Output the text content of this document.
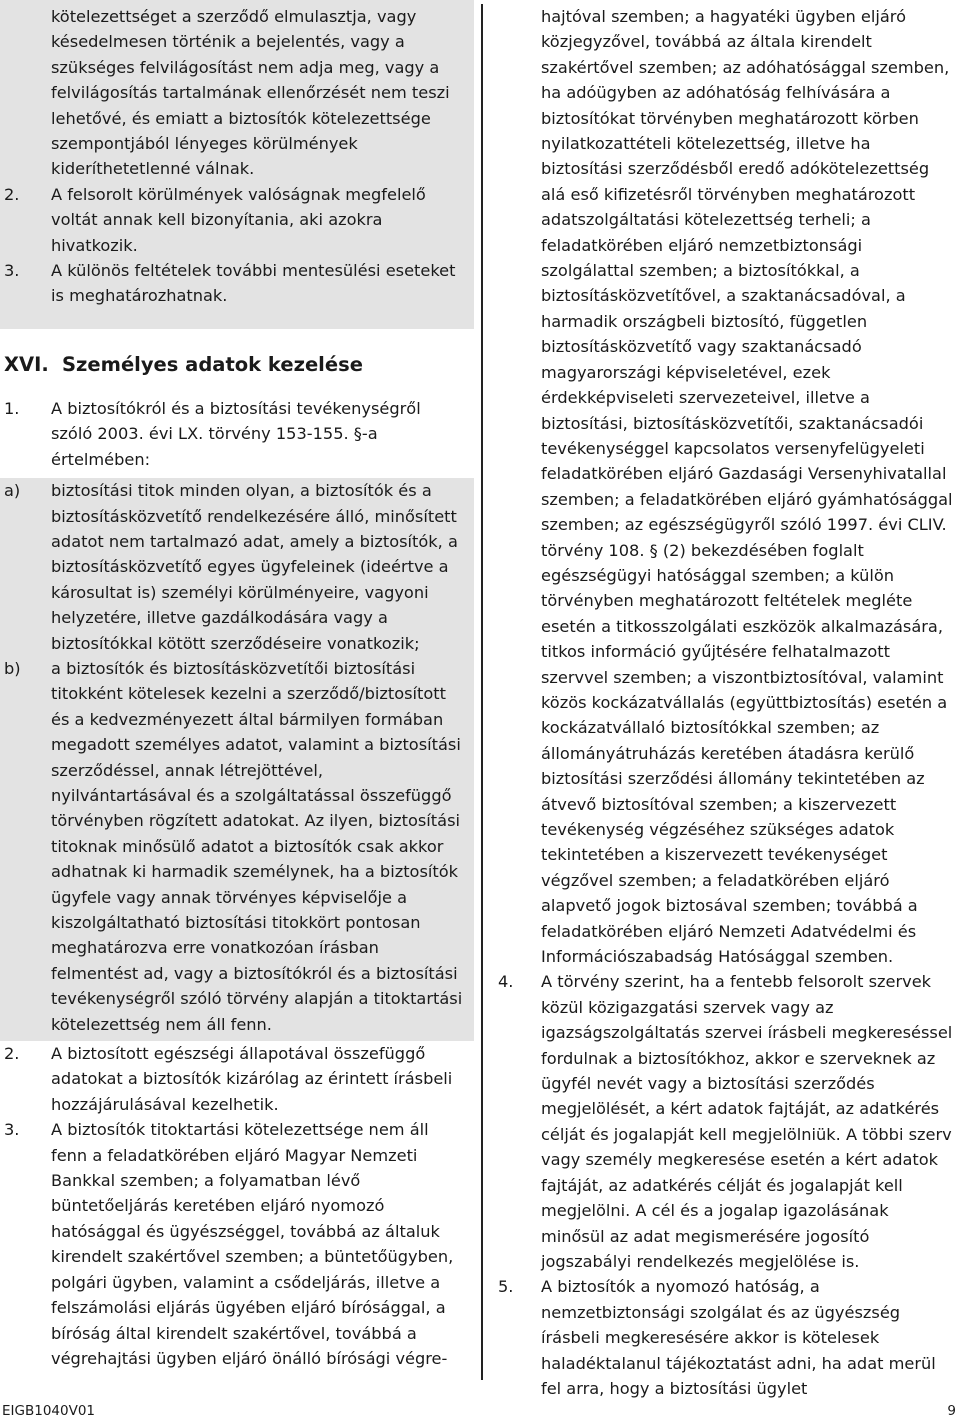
kötelezettséget a szerződő elmulasztja, vagy késedelmesen történik a bejelentés, vagy a szükséges felvilágosítást nem adja meg, vagy a felvilágosítás tartalmának ellenőrzését nem teszi lehetővé, és emiatt a biztosítók kötelezettsége szempontjából lényeges körülmények kideríthetetlenné válnak.
2.	A felsorolt körülmények valóságnak megfelelő voltát annak kell bizonyítania, aki azokra hivatkozik.
3.	A különös feltételek további mentesülési eseteket is meghatározhatnak.
XVI. Személyes adatok kezelése
1.	A biztosítókról és a biztosítási tevékenységről szóló 2003. évi LX. törvény 153-155. §-a értelmében:
a)	biztosítási titok minden olyan, a biztosítók és a biztosításközvetítő rendelkezésére álló, minősített adatot nem tartalmazó adat, amely a biztosítók, a biztosításközvetítő egyes ügyfeleinek (ideértve a károsultat is) személyi körülményeire, vagyoni helyzetére, illetve gazdálkodására vagy a biztosítókkal kötött szerződéseire vonatkozik;
b)	a biztosítók és biztosításközvetítői biztosítási titokként kötelesek kezelni a szerződő/biztosított és a kedvezményezett által bármilyen formában megadott személyes adatot, valamint a biztosítási szerződéssel, annak létrejöttével, nyilvántartásával és a szolgáltatással összefüggő törvényben rögzített adatokat. Az ilyen, biztosítási titoknak minősülő adatot a biztosítók csak akkor adhatnak ki harmadik személynek, ha a biztosítók ügyfele vagy annak törvényes képviselője a kiszolgáltatható biztosítási titokkört pontosan meghatározva erre vonatkozóan írásban felmentést ad, vagy a biztosítókról és a biztosítási tevékenységről szóló törvény alapján a titoktartási kötelezettség nem áll fenn.
2.	A biztosított egészségi állapotával összefüggő adatokat a biztosítók kizárólag az érintett írásbeli hozzájárulásával kezelhetik.
3.	A biztosítók titoktartási kötelezettsége nem áll fenn a feladatkörében eljáró Magyar Nemzeti Bankkal szemben; a folyamatban lévő büntetőeljárás keretében eljáró nyomozó hatósággal és ügyészséggel, továbbá az általuk kirendelt szakértővel szemben; a büntetőügyben, polgári ügyben, valamint a csődeljárás, illetve a felszámolási eljárás ügyében eljáró bírósággal, a bíróság által kirendelt szakértővel, továbbá a végrehajtási ügyben eljáró önálló bírósági végre-
hajtóval szemben; a hagyatéki ügyben eljáró közjegyzővel, továbbá az általa kirendelt szakértővel szemben; az adóhatósággal szemben, ha adóügyben az adóhatóság felhívására a biztosítókat törvényben meghatározott körben nyilatkozattételi kötelezettség, illetve ha biztosítási szerződésből eredő adókötelezettség alá eső kifizetésről törvényben meghatározott adatszolgáltatási kötelezettség terheli; a feladatkörében eljáró nemzetbiztonsági szolgálattal szemben; a biztosítókkal, a biztosításközvetítővel, a szaktanácsadóval, a harmadik országbeli biztosító, független biztosításközvetítő vagy szaktanácsadó magyarországi képviseletével, ezek érdekképviseleti szervezeteivel, illetve a biztosítási, biztosításközvetítői, szaktanácsadói tevékenységgel kapcsolatos versenyfelügyeleti feladatkörében eljáró Gazdasági Versenyhivatallal szemben; a feladatkörében eljáró gyámhatósággal szemben; az egészségügyről szóló 1997. évi CLIV. törvény 108. § (2) bekezdésében foglalt egészségügyi hatósággal szemben; a külön törvényben meghatározott feltételek megléte esetén a titkosszolgálati eszközök alkalmazására, titkos információ gyűjtésére felhatalmazott szervvel szemben; a viszontbiztosítóval, valamint közös kockázatvállalás (együttbiztosítás) esetén a kockázatvállaló biztosítókkal szemben; az állományátruházás keretében átadásra kerülő biztosítási szerződési állomány tekintetében az átvevő biztosítóval szemben; a kiszervezett tevékenység végzéséhez szükséges adatok tekintetében a kiszervezett tevékenységet végzővel szemben; a feladatkörében eljáró alapvető jogok biztosával szemben; továbbá a feladatkörében eljáró Nemzeti Adatvédelmi és Információszabadság Hatósággal szemben.
4.	A törvény szerint, ha a fentebb felsorolt szervek közül közigazgatási szervek vagy az igazságszolgáltatás szervei írásbeli megkereséssel fordulnak a biztosítókhoz, akkor e szerveknek az ügyfél nevét vagy a biztosítási szerződés megjelölését, a kért adatok fajtáját, az adatkérés célját és jogalapját kell megjelölniük. A többi szerv vagy személy megkeresése esetén a kért adatok fajtáját, az adatkérés célját és jogalapját kell megjelölni. A cél és a jogalap igazolásának minősül az adat megismerésére jogosító jogszabályi rendelkezés megjelölése is.
5.	A biztosítók a nyomozó hatóság, a nemzetbiztonsági szolgálat és az ügyészség írásbeli megkeresésére akkor is kötelesek haladéktalanul tájékoztatást adni, ha adat merül fel arra, hogy a biztosítási ügylet
EIGB1040V01	9
